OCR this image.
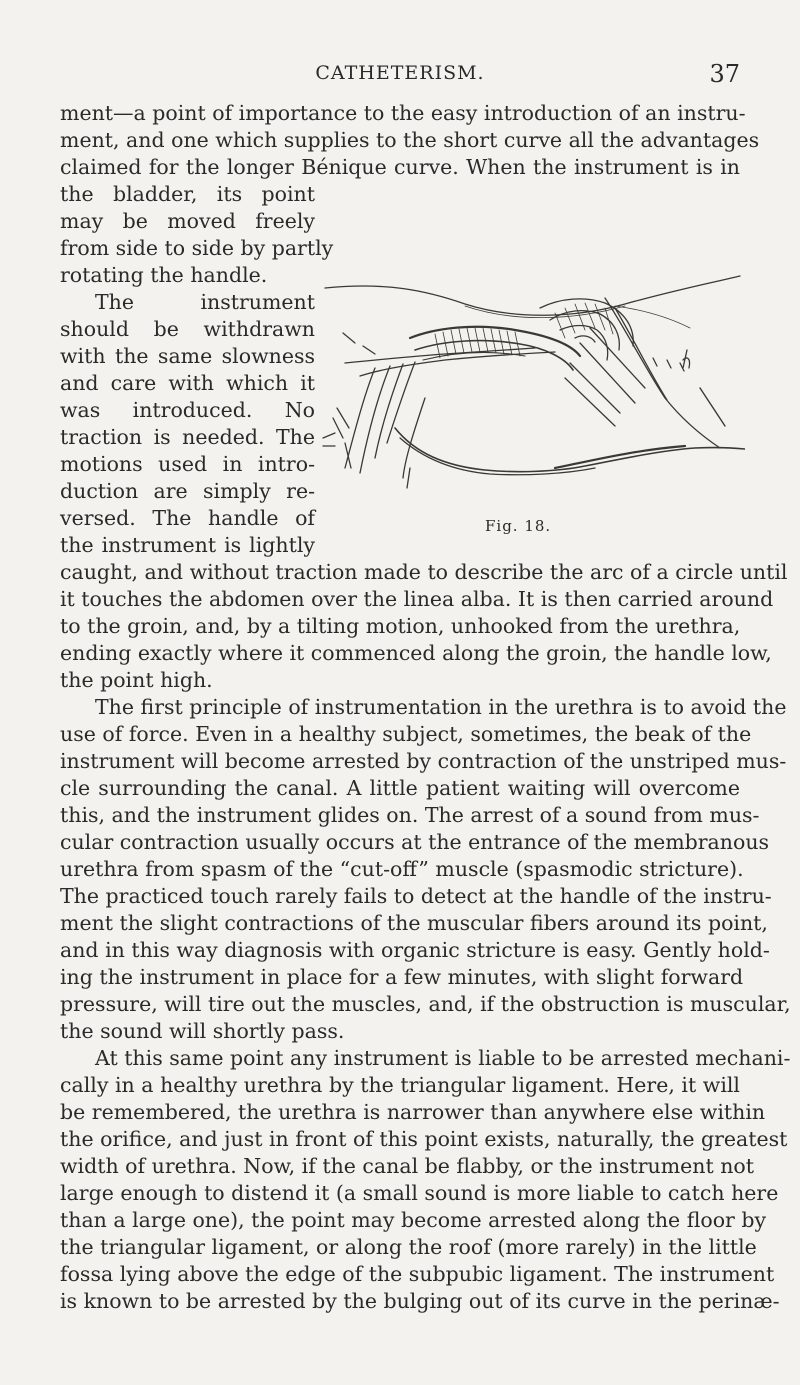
CATHETERISM.	37
Fig. 18.
ment—a point of importance to the easy introduction of an instru-
ment, and one which supplies to the short curve all the advantages
claimed for the longer Bénique curve. When the instrument is in
the bladder, its point
may be moved freely
from side to side by partly
rotating the handle.
The instrument
should be withdrawn
with the same slowness
and care with which it
was introduced. No
traction is needed. The
motions used in intro-
duction are simply re-
versed. The handle of
the instrument is lightly
caught, and without traction made to describe the arc of a circle until
it touches the abdomen over the linea alba. It is then carried around
to the groin, and, by a tilting motion, unhooked from the urethra,
ending exactly where it commenced along the groin, the handle low,
the point high.
The first principle of instrumentation in the urethra is to avoid the
use of force. Even in a healthy subject, sometimes, the beak of the
instrument will become arrested by contraction of the unstriped mus-
cle surrounding the canal. A little patient waiting will overcome
this, and the instrument glides on. The arrest of a sound from mus-
cular contraction usually occurs at the entrance of the membranous
urethra from spasm of the “cut-off” muscle (spasmodic stricture).
The practiced touch rarely fails to detect at the handle of the instru-
ment the slight contractions of the muscular fibers around its point,
and in this way diagnosis with organic stricture is easy. Gently hold-
ing the instrument in place for a few minutes, with slight forward
pressure, will tire out the muscles, and, if the obstruction is muscular,
the sound will shortly pass.
At this same point any instrument is liable to be arrested mechani-
cally in a healthy urethra by the triangular ligament. Here, it will
be remembered, the urethra is narrower than anywhere else within
the orifice, and just in front of this point exists, naturally, the greatest
width of urethra. Now, if the canal be flabby, or the instrument not
large enough to distend it (a small sound is more liable to catch here
than a large one), the point may become arrested along the floor by
the triangular ligament, or along the roof (more rarely) in the little
fossa lying above the edge of the subpubic ligament. The instrument
is known to be arrested by the bulging out of its curve in the perinæ-
